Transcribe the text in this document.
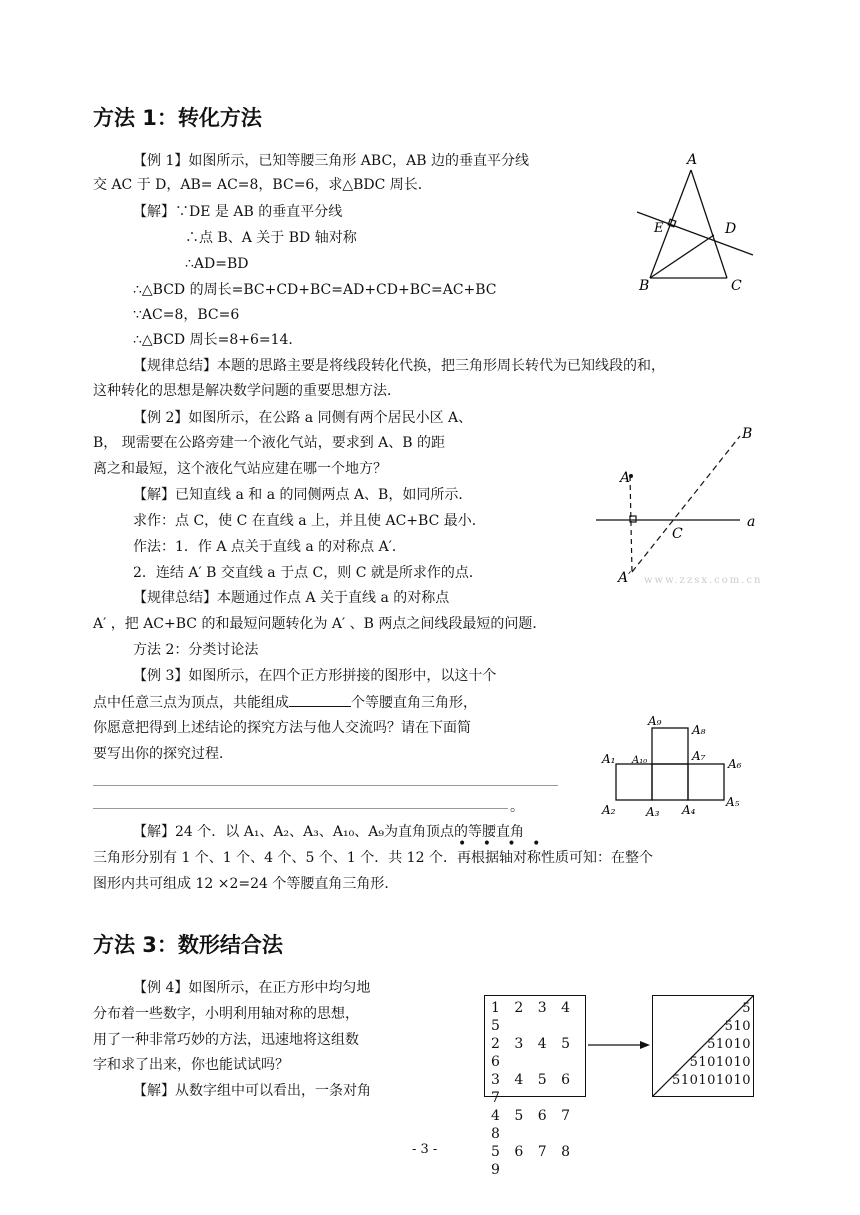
方法 1：转化方法
【例 1】如图所示，已知等腰三角形 ABC，AB 边的垂直平分线
交 AC 于 D，AB= AC=8，BC=6，求△BDC 周长．
【解】∵DE 是 AB 的垂直平分线
∴点 B、A 关于 BD 轴对称
∴AD=BD
∴△BCD 的周长=BC+CD+BC=AD+CD+BC=AC+BC
∵AC=8，BC=6
∴△BCD 周长=8+6=14．
【规律总结】本题的思路主要是将线段转化代换，把三角形周长转代为已知线段的和，
这种转化的思想是解决数学问题的重要思想方法．
【例 2】如图所示，在公路 a 同侧有两个居民小区 A、
B， 现需要在公路旁建一个液化气站，要求到 A、B 的距
离之和最短，这个液化气站应建在哪一个地方？
【解】已知直线 a 和 a 的同侧两点 A、B，如同所示．
求作：点 C，使 C 在直线 a 上，并且使 AC+BC 最小．
作法：1．作 A 点关于直线 a 的对称点 A′．
2．连结 A′ B 交直线 a 于点 C，则 C 就是所求作的点．
【规律总结】本题通过作点 A 关于直线 a 的对称点
A′ ，把 AC+BC 的和最短问题转化为 A′ 、B 两点之间线段最短的问题．
方法 2：分类讨论法
【例 3】如图所示，在四个正方形拼接的图形中，以这十个
点中任意三点为顶点，共能组成	个等腰直角三角形，
你愿意把得到上述结论的探究方法与他人交流吗？请在下面简
要写出你的探究过程．
。
【解】24 个．以 A₁、A₂、A₃、A₁₀、A₉为直角顶点的等腰直角
• • • •
三角形分别有 1 个、1 个、4 个、5 个、1 个．共 12 个．再根据轴对称性质可知：在整个
图形内共可组成 12 ×2=24 个等腰直角三角形．
方法 3：数形结合法
【例 4】如图所示，在正方形中均匀地
分布着一些数字，小明利用轴对称的思想，
用了一种非常巧妙的方法，迅速地将这组数
字和求了出来，你也能试试吗？
【解】从数字组中可以看出，一条对角
A
B	C
D
E
A
B
C
a
A′ www.zzsx.com.cn
A₁
A₂	A₃ A₄
A₅
A₆
A₇
A₈
A₉
A₁₀
1 2 3 4 5
2 3 4 5 6
3 4 5 6 7
4 5 6 7 8
5 6 7 8 9
5
510
51010
5101010
510101010
- 3 -
